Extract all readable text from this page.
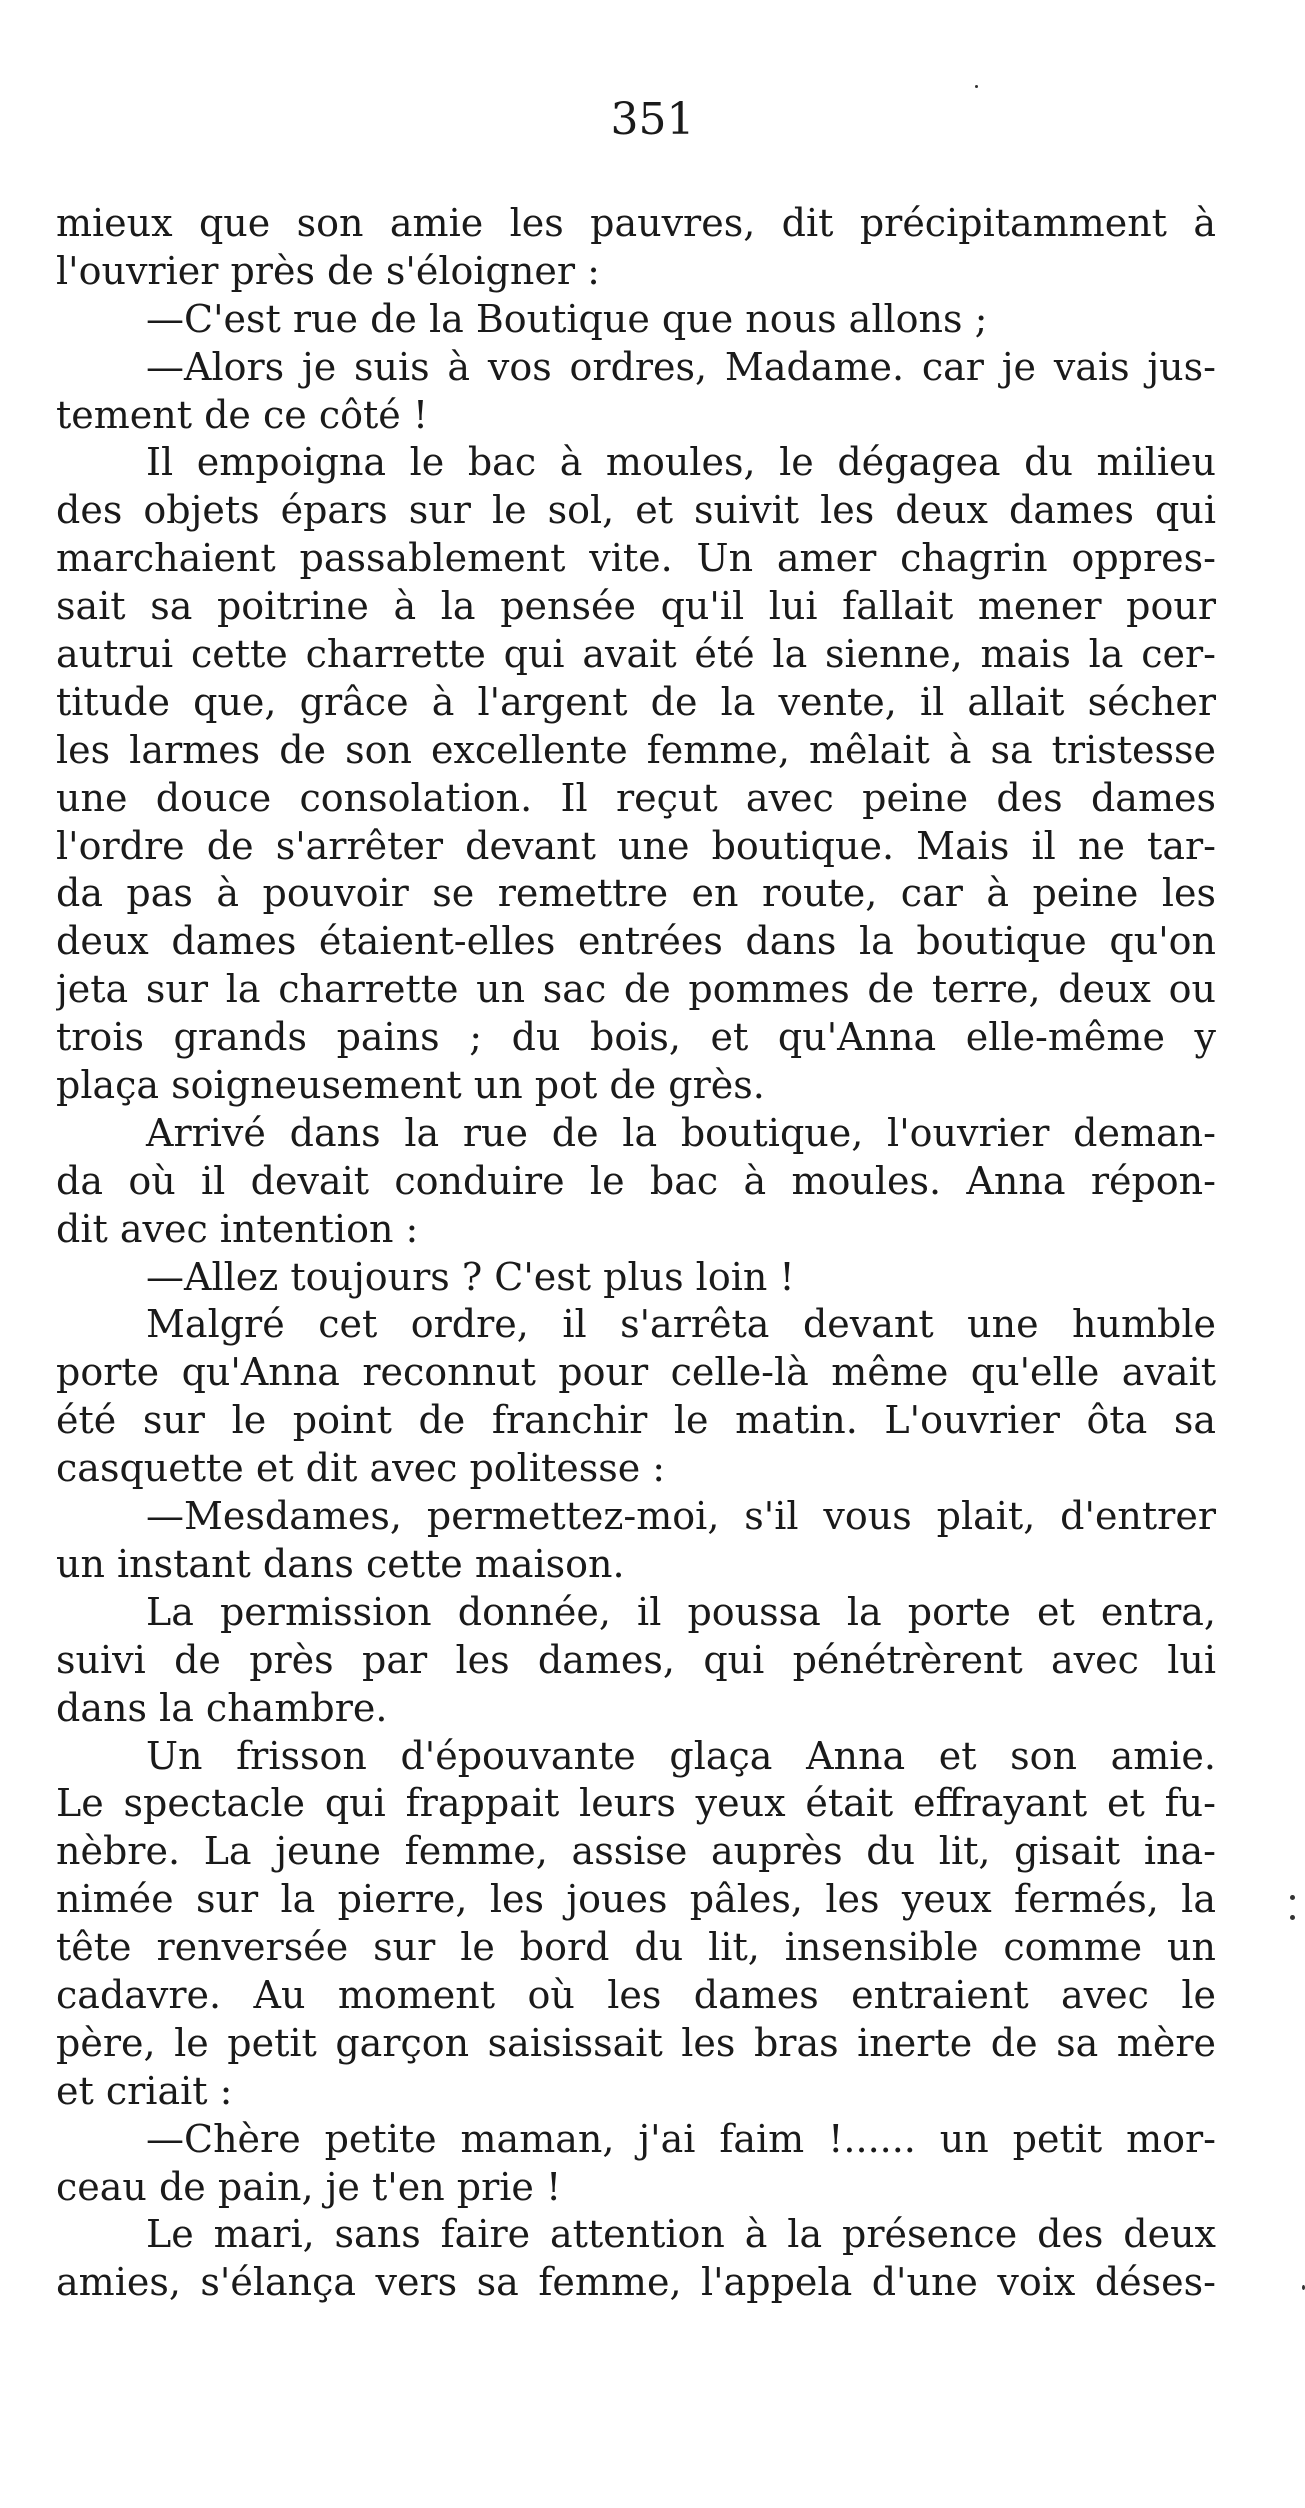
351
mieux que son amie les pauvres, dit précipitamment à
l'ouvrier près de s'éloigner :
—C'est rue de la Boutique que nous allons ;
—Alors je suis à vos ordres, Madame. car je vais jus-
tement de ce côté !
Il empoigna le bac à moules, le dégagea du milieu
des objets épars sur le sol, et suivit les deux dames qui
marchaient passablement vite. Un amer chagrin oppres-
sait sa poitrine à la pensée qu'il lui fallait mener pour
autrui cette charrette qui avait été la sienne, mais la cer-
titude que, grâce à l'argent de la vente, il allait sécher
les larmes de son excellente femme, mêlait à sa tristesse
une douce consolation. Il reçut avec peine des dames
l'ordre de s'arrêter devant une boutique. Mais il ne tar-
da pas à pouvoir se remettre en route, car à peine les
deux dames étaient-elles entrées dans la boutique qu'on
jeta sur la charrette un sac de pommes de terre, deux ou
trois grands pains ; du bois, et qu'Anna elle-même y
plaça soigneusement un pot de grès.
Arrivé dans la rue de la boutique, l'ouvrier deman-
da où il devait conduire le bac à moules. Anna répon-
dit avec intention :
—Allez toujours ? C'est plus loin !
Malgré cet ordre, il s'arrêta devant une humble
porte qu'Anna reconnut pour celle-là même qu'elle avait
été sur le point de franchir le matin. L'ouvrier ôta sa
casquette et dit avec politesse :
—Mesdames, permettez-moi, s'il vous plait, d'entrer
un instant dans cette maison.
La permission donnée, il poussa la porte et entra,
suivi de près par les dames, qui pénétrèrent avec lui
dans la chambre.
Un frisson d'épouvante glaça Anna et son amie.
Le spectacle qui frappait leurs yeux était effrayant et fu-
nèbre. La jeune femme, assise auprès du lit, gisait ina-
nimée sur la pierre, les joues pâles, les yeux fermés, la
tête renversée sur le bord du lit, insensible comme un
cadavre. Au moment où les dames entraient avec le
père, le petit garçon saisissait les bras inerte de sa mère
et criait :
—Chère petite maman, j'ai faim !...... un petit mor-
ceau de pain, je t'en prie !
Le mari, sans faire attention à la présence des deux
amies, s'élança vers sa femme, l'appela d'une voix déses-
